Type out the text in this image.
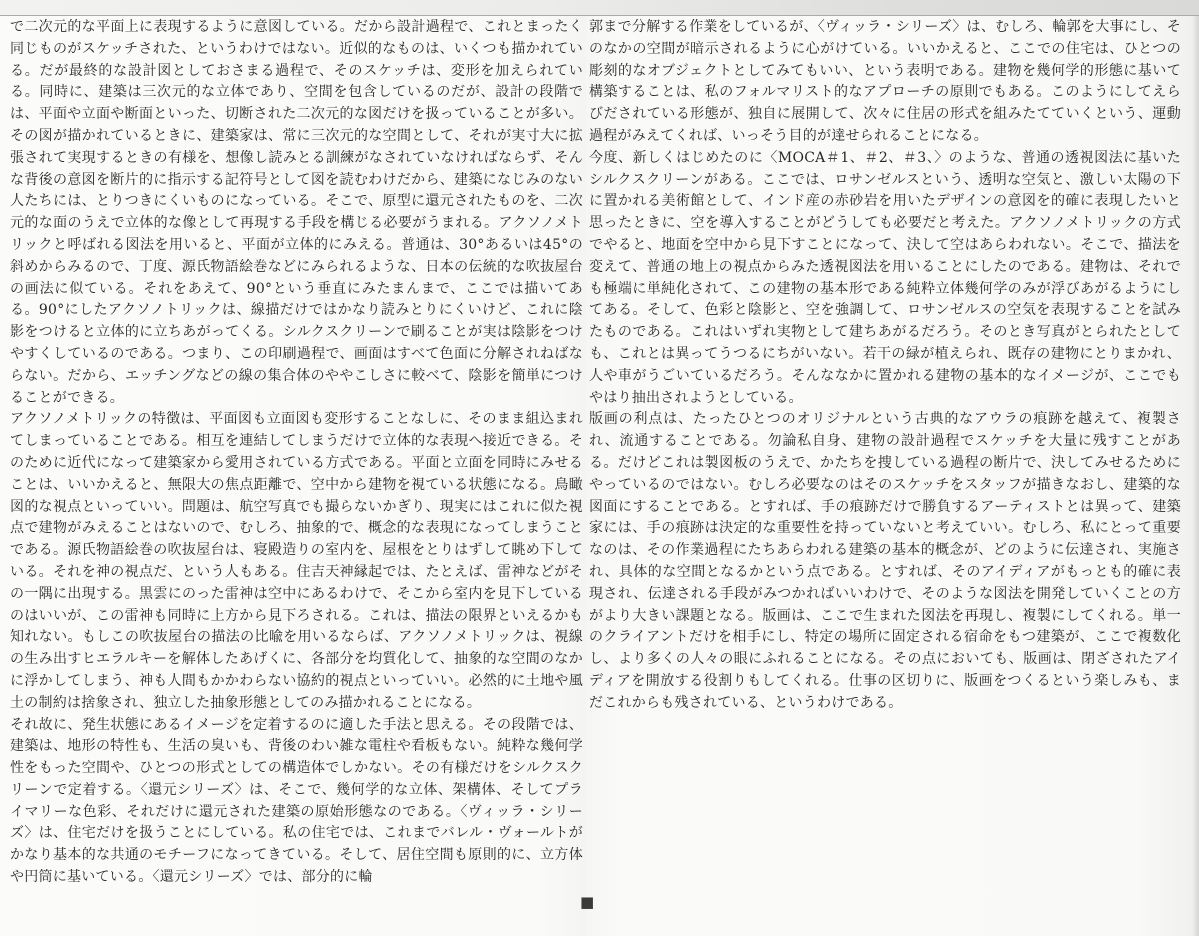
で二次元的な平面上に表現するように意図している。だから設計過程で、これとまったく同じものがスケッチされた、というわけではない。近似的なものは、いくつも描かれている。だが最終的な設計図としておさまる過程で、そのスケッチは、変形を加えられている。同時に、建築は三次元的な立体であり、空間を包含しているのだが、設計の段階では、平面や立面や断面といった、切断された二次元的な図だけを扱っていることが多い。その図が描かれているときに、建築家は、常に三次元的な空間として、それが実寸大に拡張されて実現するときの有様を、想像し読みとる訓練がなされていなければならず、そんな背後の意図を断片的に指示する記符号として図を読むわけだから、建築になじみのない人たちには、とりつきにくいものになっている。そこで、原型に還元されたものを、二次元的な面のうえで立体的な像として再現する手段を構じる必要がうまれる。アクソノメトリックと呼ばれる図法を用いると、平面が立体的にみえる。普通は、30°あるいは45°の斜めからみるので、丁度、源氏物語絵巻などにみられるような、日本の伝統的な吹抜屋台の画法に似ている。それをあえて、90°という垂直にみたまんまで、ここでは描いてある。90°にしたアクソノトリックは、線描だけではかなり読みとりにくいけど、これに陰影をつけると立体的に立ちあがってくる。シルクスクリーンで刷ることが実は陰影をつけやすくしているのである。つまり、この印刷過程で、画面はすべて色面に分解されねばならない。だから、エッチングなどの線の集合体のややこしさに較べて、陰影を簡単につけることができる。

アクソノメトリックの特徴は、平面図も立面図も変形することなしに、そのまま組込まれてしまっていることである。相互を連結してしまうだけで立体的な表現へ接近できる。そのために近代になって建築家から愛用されている方式である。平面と立面を同時にみせることは、いいかえると、無限大の焦点距離で、空中から建物を視ている状態になる。鳥瞰図的な視点といっていい。問題は、航空写真でも撮らないかぎり、現実にはこれに似た視点で建物がみえることはないので、むしろ、抽象的で、概念的な表現になってしまうことである。源氏物語絵巻の吹抜屋台は、寝殿造りの室内を、屋根をとりはずして眺め下している。それを神の視点だ、という人もある。住吉天神縁起では、たとえば、雷神などがその一隅に出現する。黒雲にのった雷神は空中にあるわけで、そこから室内を見下しているのはいいが、この雷神も同時に上方から見下ろされる。これは、描法の限界といえるかも知れない。もしこの吹抜屋台の描法の比喩を用いるならば、アクソノメトリックは、視線の生み出すヒエラルキーを解体したあげくに、各部分を均質化して、抽象的な空間のなかに浮かしてしまう、神も人間もかかわらない協約的視点といっていい。必然的に土地や風土の制約は捨象され、独立した抽象形態としてのみ描かれることになる。

それ故に、発生状態にあるイメージを定着するのに適した手法と思える。その段階では、建築は、地形の特性も、生活の臭いも、背後のわい雑な電柱や看板もない。純粋な幾何学性をもった空間や、ひとつの形式としての構造体でしかない。その有様だけをシルクスクリーンで定着する。〈還元シリーズ〉は、そこで、幾何学的な立体、架構体、そしてプライマリーな色彩、それだけに還元された建築の原始形態なのである。〈ヴィッラ・シリーズ〉は、住宅だけを扱うことにしている。私の住宅では、これまでバレル・ヴォールトがかなり基本的な共通のモチーフになってきている。そして、居住空間も原則的に、立方体や円筒に基いている。〈還元シリーズ〉では、部分的に輪

郭まで分解する作業をしているが、〈ヴィッラ・シリーズ〉は、むしろ、輪郭を大事にし、そのなかの空間が暗示されるように心がけている。いいかえると、ここでの住宅は、ひとつの彫刻的なオブジェクトとしてみてもいい、という表明である。建物を幾何学的形態に基いて構築することは、私のフォルマリスト的なアプローチの原則でもある。このようにしてえらびだされている形態が、独自に展開して、次々に住居の形式を組みたてていくという、運動過程がみえてくれば、いっそう目的が達せられることになる。

今度、新しくはじめたのに〈MOCA＃1、＃2、＃3、〉のような、普通の透視図法に基いたシルクスクリーンがある。ここでは、ロサンゼルスという、透明な空気と、激しい太陽の下に置かれる美術館として、インド産の赤砂岩を用いたデザインの意図を的確に表現したいと思ったときに、空を導入することがどうしても必要だと考えた。アクソノメトリックの方式でやると、地面を空中から見下すことになって、決して空はあらわれない。そこで、描法を変えて、普通の地上の視点からみた透視図法を用いることにしたのである。建物は、それでも極端に単純化されて、この建物の基本形である純粋立体幾何学のみが浮びあがるようにしてある。そして、色彩と陰影と、空を強調して、ロサンゼルスの空気を表現することを試みたものである。これはいずれ実物として建ちあがるだろう。そのとき写真がとられたとしても、これとは異ってうつるにちがいない。若干の緑が植えられ、既存の建物にとりまかれ、人や車がうごいているだろう。そんななかに置かれる建物の基本的なイメージが、ここでもやはり抽出されようとしている。

版画の利点は、たったひとつのオリジナルという古典的なアウラの痕跡を越えて、複製され、流通することである。勿論私自身、建物の設計過程でスケッチを大量に残すことがある。だけどこれは製図板のうえで、かたちを捜している過程の断片で、決してみせるためにやっているのではない。むしろ必要なのはそのスケッチをスタッフが描きなおし、建築的な図面にすることである。とすれば、手の痕跡だけで勝負するアーティストとは異って、建築家には、手の痕跡は決定的な重要性を持っていないと考えていい。むしろ、私にとって重要なのは、その作業過程にたちあらわれる建築の基本的概念が、どのように伝達され、実施され、具体的な空間となるかという点である。とすれば、そのアイディアがもっとも的確に表現され、伝達される手段がみつかればいいわけで、そのような図法を開発していくことの方がより大きい課題となる。版画は、ここで生まれた図法を再現し、複製にしてくれる。単一のクライアントだけを相手にし、特定の場所に固定される宿命をもつ建築が、ここで複数化し、より多くの人々の眼にふれることになる。その点においても、版画は、閉ざされたアイディアを開放する役割りもしてくれる。仕事の区切りに、版画をつくるという楽しみも、まだこれからも残されている、というわけである。

■
